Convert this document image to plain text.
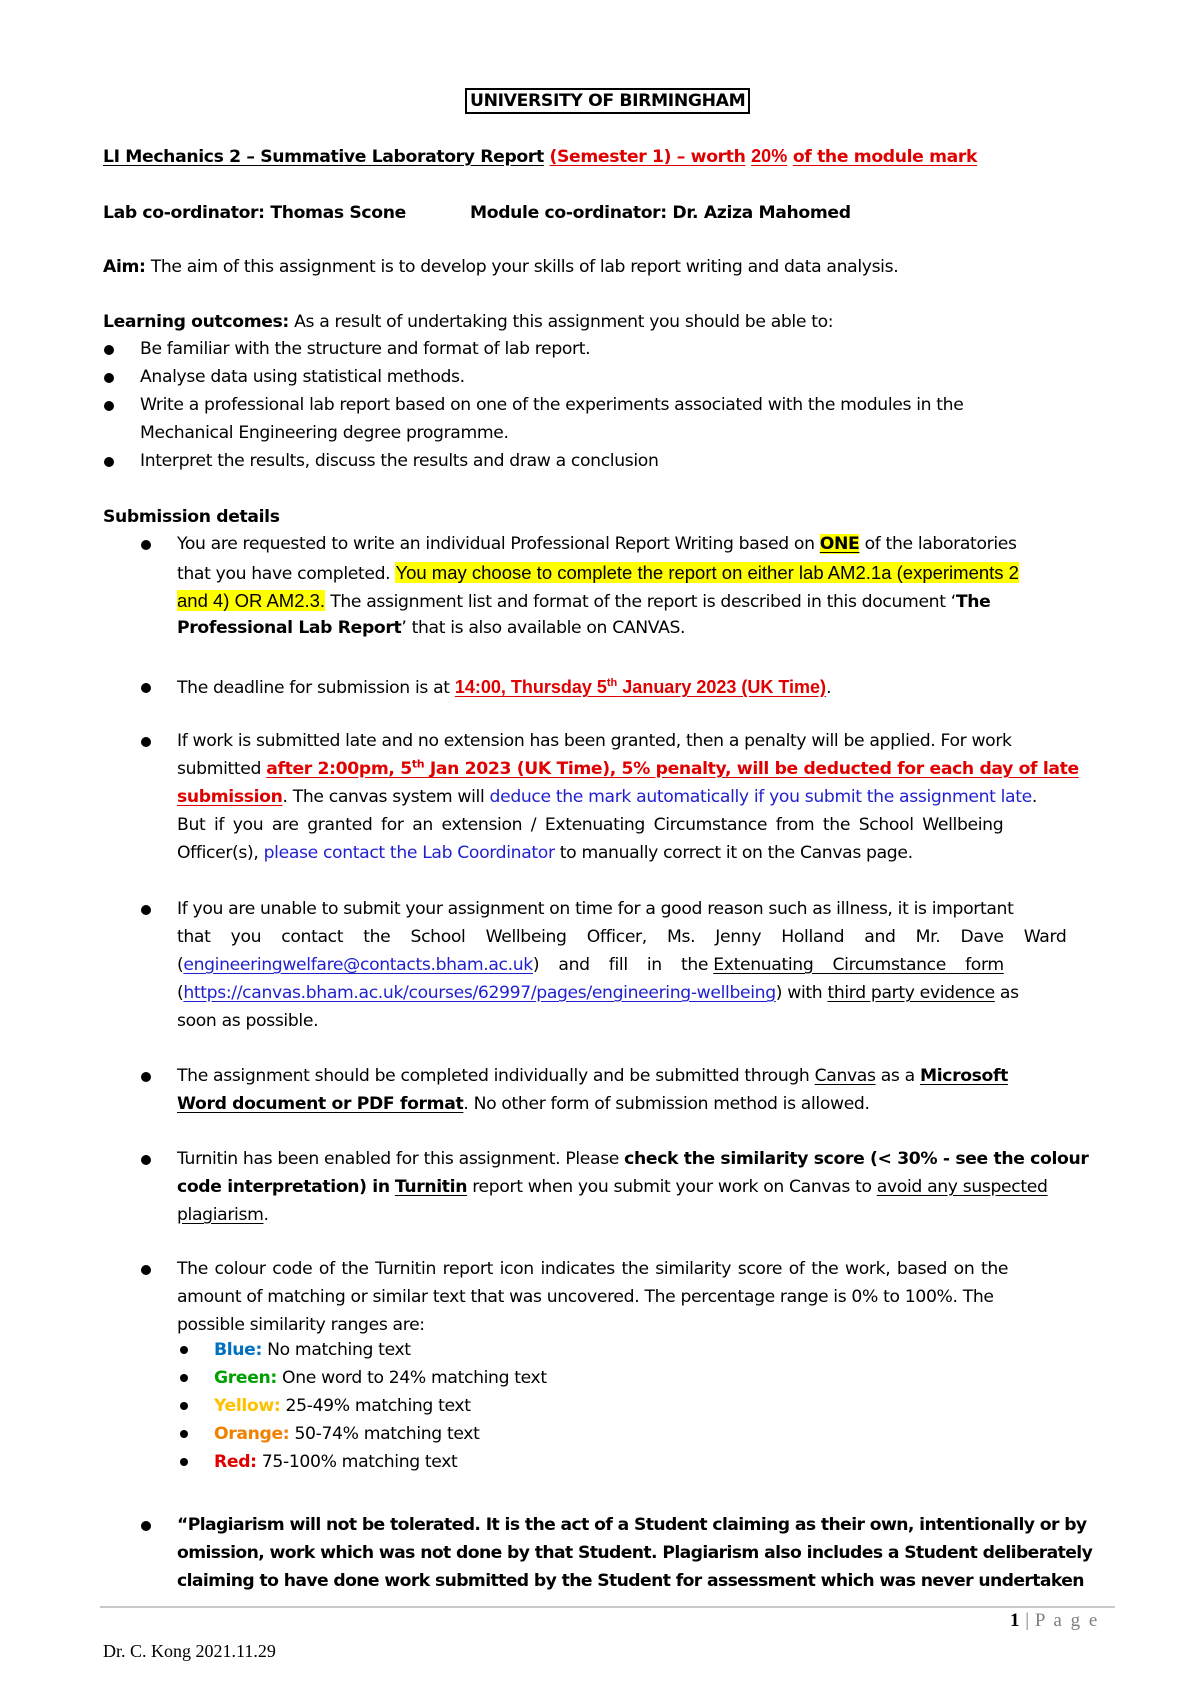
UNIVERSITY OF BIRMINGHAM
LI Mechanics 2 – Summative Laboratory Report (Semester 1) – worth 20% of the module mark
Lab co-ordinator: Thomas Scone	Module co-ordinator: Dr. Aziza Mahomed
Aim: The aim of this assignment is to develop your skills of lab report writing and data analysis.
Learning outcomes: As a result of undertaking this assignment you should be able to:
Be familiar with the structure and format of lab report.
Analyse data using statistical methods.
Write a professional lab report based on one of the experiments associated with the modules in the
Mechanical Engineering degree programme.
Interpret the results, discuss the results and draw a conclusion
Submission details
You are requested to write an individual Professional Report Writing based on ONE of the laboratories
that you have completed. You may choose to complete the report on either lab AM2.1a (experiments 2
and 4) OR AM2.3. The assignment list and format of the report is described in this document ‘The
Professional Lab Report’ that is also available on CANVAS.
The deadline for submission is at 14:00, Thursday 5th January 2023 (UK Time).
If work is submitted late and no extension has been granted, then a penalty will be applied. For work
submitted after 2:00pm, 5th Jan 2023 (UK Time), 5% penalty, will be deducted for each day of late
submission. The canvas system will deduce the mark automatically if you submit the assignment late.
But if you are granted for an extension / Extenuating Circumstance from the School Wellbeing
Officer(s), please contact the Lab Coordinator to manually correct it on the Canvas page.
If you are unable to submit your assignment on time for a good reason such as illness, it is important
that you contact the School Wellbeing Officer, Ms. Jenny Holland and Mr. Dave Ward
(engineeringwelfare@contacts.bham.ac.uk) and fill in the Extenuating Circumstance form
(https://canvas.bham.ac.uk/courses/62997/pages/engineering-wellbeing) with third party evidence as
soon as possible.
The assignment should be completed individually and be submitted through Canvas as a Microsoft
Word document or PDF format. No other form of submission method is allowed.
Turnitin has been enabled for this assignment. Please check the similarity score (< 30% - see the colour
code interpretation) in Turnitin report when you submit your work on Canvas to avoid any suspected
plagiarism.
The colour code of the Turnitin report icon indicates the similarity score of the work, based on the
amount of matching or similar text that was uncovered. The percentage range is 0% to 100%. The
possible similarity ranges are:
Blue: No matching text
Green: One word to 24% matching text
Yellow: 25-49% matching text
Orange: 50-74% matching text
Red: 75-100% matching text
“Plagiarism will not be tolerated. It is the act of a Student claiming as their own, intentionally or by
omission, work which was not done by that Student. Plagiarism also includes a Student deliberately
claiming to have done work submitted by the Student for assessment which was never undertaken
1 | P a g e
Dr. C. Kong 2021.11.29
